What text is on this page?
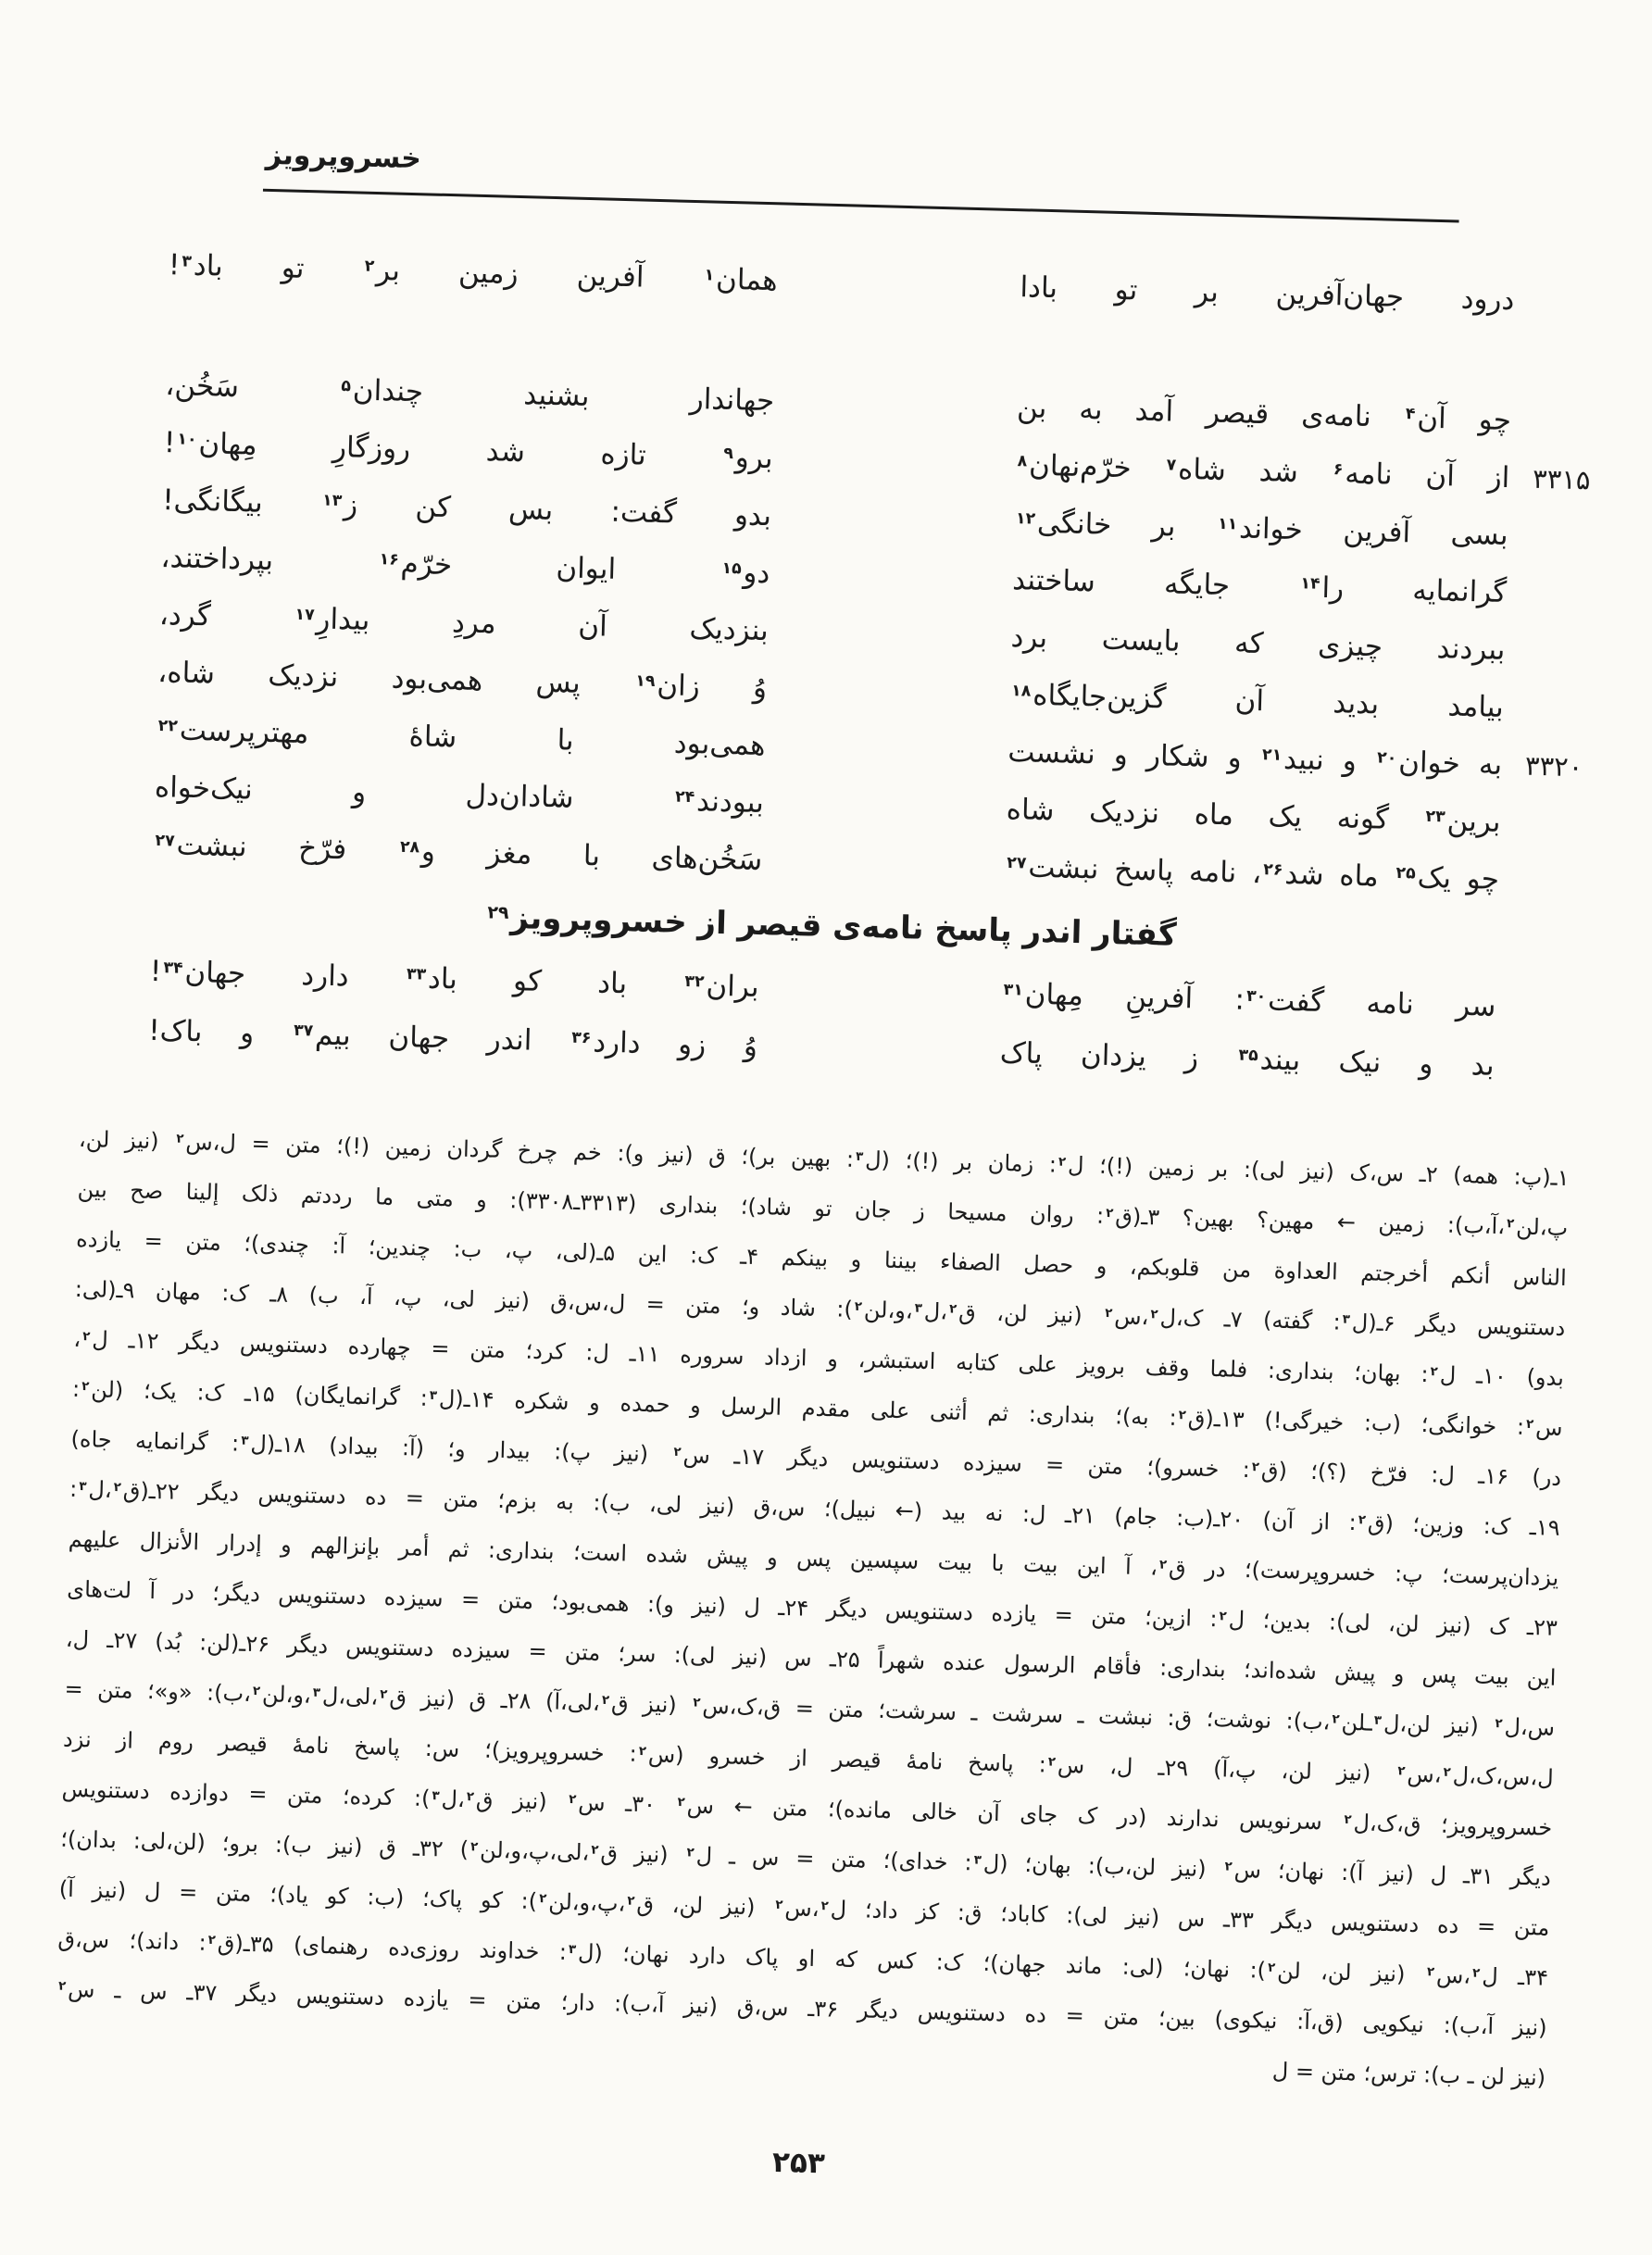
خسروپرویز
درود
جهان‌آفرین
بر
تو
بادا
همان$^۱$
آفرین
زمین
بر$^۲$
تو
باد$^۳$!
چو
آن$^۴$
نامه‌ی
قیصر
آمد
به
بن
جهاندار
بشنید
چندان$^۵$
سَخُن،
۳۳۱۵
از
آن
نامه$^۶$
شد
شاه$^۷$
خرّم‌نهان$^۸$
برو$^۹$
تازه
شد
روزگارِ
مِهان$^{۱۰}$!
بسی
آفرین
خواند$^{۱۱}$
بر
خانگی$^{۱۲}$
بدو
گفت:
بس
کن
ز$^{۱۳}$
بیگانگی!
گرانمایه
را$^{۱۴}$
جایگه
ساختند
دو$^{۱۵}$
ایوان
خرّم$^{۱۶}$
بپرداختند،
ببردند
چیزی
که
بایست
برد
بنزدیک
آن
مردِ
بیدارِ$^{۱۷}$
گرد،
بیامد
بدید
آن
گزین‌جایگاه$^{۱۸}$
وُ
زان$^{۱۹}$
پس
همی‌بود
نزدیک
شاه،
۳۳۲۰
به
خوان$^{۲۰}$
و
نبید$^{۲۱}$
و
شکار
و
نشست
همی‌بود
با
شاهٔ
مهترپرست$^{۲۲}$
برین$^{۲۳}$
گونه
یک
ماه
نزدیک
شاه
ببودند$^{۲۴}$
شادان‌دل
و
نیک‌خواه
چو
یک$^{۲۵}$
ماه
شد$^{۲۶}$،
نامه
پاسخ
نبشت$^{۲۷}$
سَخُن‌های
با
مغز
و$^{۲۸}$
فرّخ
نبشت$^{۲۷}$
گفتار اندر پاسخ نامه‌ی قیصر از خسروپرویز$^{۲۹}$
سر
نامه
گفت$^{۳۰}$:
آفرینِ
مِهان$^{۳۱}$
بران$^{۳۲}$
باد
کو
باد$^{۳۳}$
دارد
جهان$^{۳۴}$!
بد
و
نیک
بیند$^{۳۵}$
ز
یزدان
پاک
وُ
زو
دارد$^{۳۶}$
اندر
جهان
بیم$^{۳۷}$
و
باک!
۱ـ(پ: همه) ۲ـ س،ک (نیز لی): بر زمین (!)؛ ل$^۲$: زمان بر (!)؛ (ل$^۳$: بهین بر)؛ ق (نیز و): خم چرخ گردان زمین (!)؛ متن = ل،س$^۲$ (نیز لن،
پ،لن$^۲$،آ،ب): زمین ← مهین؟ بهین؟ ۳ـ(ق$^۲$: روان مسیحا ز جان تو شاد)؛ بنداری (۳۳۱۳ـ۳۳۰۸): و متی ما رددتم ذلک إلینا صح بین
الناس أنکم أخرجتم العداوة من قلوبکم، و حصل الصفاء بیننا و بینکم ۴ـ ک: این ۵ـ(لی، پ، ب: چندین؛ آ: چندی)؛ متن = یازده
دستنویس دیگر ۶ـ(ل$^۳$: گفته) ۷ـ ک،ل$^۲$،س$^۲$ (نیز لن، ق$^۲$،ل$^۳$،و،لن$^۲$): شاد و؛ متن = ل،س،ق (نیز لی، پ، آ، ب) ۸ـ ک: مهان ۹ـ(لی:
بدو) ۱۰ـ ل$^۲$: بهان؛ بنداری: فلما وقف برویز علی کتابه استبشر، و ازداد سروره ۱۱ـ ل: کرد؛ متن = چهارده دستنویس دیگر ۱۲ـ ل$^۲$،
س$^۲$: خوانگی؛ (ب: خیرگی!) ۱۳ـ(ق$^۲$: به)؛ بنداری: ثم أثنی علی مقدم الرسل و حمده و شکره ۱۴ـ(ل$^۳$: گرانمایگان) ۱۵ـ ک: یک؛ (لن$^۲$:
در) ۱۶ـ ل: فرّخ (؟)؛ (ق$^۲$: خسرو)؛ متن = سیزده دستنویس دیگر ۱۷ـ س$^۲$ (نیز پ): بیدار و؛ (آ: بیداد) ۱۸ـ(ل$^۳$: گرانمایه جاه)
۱۹ـ ک: وزین؛ (ق$^۲$: از آن) ۲۰ـ(ب: جام) ۲۱ـ ل: نه بید (← نبیل)؛ س،ق (نیز لی، ب): به بزم؛ متن = ده دستنویس دیگر ۲۲ـ(ق$^۲$،ل$^۳$:
یزدان‌پرست؛ پ: خسروپرست)؛ در ق$^۲$، آ این بیت با بیت سپسین پس و پیش شده است؛ بنداری: ثم أمر بإنزالهم و إدرار الأنزال علیهم
۲۳ـ ک (نیز لن، لی): بدین؛ ل$^۲$: ازین؛ متن = یازده دستنویس دیگر ۲۴ـ ل (نیز و): همی‌بود؛ متن = سیزده دستنویس دیگر؛ در آ لت‌های
این بیت پس و پیش شده‌اند؛ بنداری: فأقام الرسول عنده شهراً ۲۵ـ س (نیز لی): سر؛ متن = سیزده دستنویس دیگر ۲۶ـ(لن: بُد) ۲۷ـ ل،
س،ل$^۲$ (نیز لن،ل$^۳$ـلن$^۲$،ب): نوشت؛ ق: نبشت ـ سرشت ـ سرشت؛ متن = ق،ک،س$^۲$ (نیز ق$^۲$،لی،آ) ۲۸ـ ق (نیز ق$^۲$،لی،ل$^۳$،و،لن$^۲$،ب): «و»؛ متن =
ل،س،ک،ل$^۲$،س$^۲$ (نیز لن، پ،آ) ۲۹ـ ل، س$^۲$: پاسخ نامهٔ قیصر از خسرو (س$^۲$: خسروپرویز)؛ س: پاسخ نامهٔ قیصر روم از نزد
خسروپرویز؛ ق،ک،ل$^۲$ سرنویس ندارند (در ک جای آن خالی مانده)؛ متن ← س$^۲$ ۳۰ـ س$^۲$ (نیز ق$^۲$،ل$^۳$): کرده؛ متن = دوازده دستنویس
دیگر ۳۱ـ ل (نیز آ): نهان؛ س$^۲$ (نیز لن،ب): بهان؛ (ل$^۳$: خدای)؛ متن = س ـ ل$^۲$ (نیز ق$^۲$،لی،پ،و،لن$^۲$) ۳۲ـ ق (نیز ب): برو؛ (لن،لی: بدان)؛
متن = ده دستنویس دیگر ۳۳ـ س (نیز لی): کاباد؛ ق: کز داد؛ ل$^۲$،س$^۲$ (نیز لن، ق$^۲$،پ،و،لن$^۲$): کو پاک؛ (ب: کو یاد)؛ متن = ل (نیز آ)
۳۴ـ ل$^۲$،س$^۲$ (نیز لن، لن$^۲$): نهان؛ (لی: ماند جهان)؛ ک: کس که او پاک دارد نهان؛ (ل$^۳$: خداوند روزی‌ده رهنمای) ۳۵ـ(ق$^۲$: داند)؛ س،ق
(نیز آ،ب): نیکویی (ق،آ: نیکوی) بین؛ متن = ده دستنویس دیگر ۳۶ـ س،ق (نیز آ،ب): دار؛ متن = یازده دستنویس دیگر ۳۷ـ س ـ س$^۲$
(نیز لن ـ ب): ترس؛ متن = ل
۲۵۳
